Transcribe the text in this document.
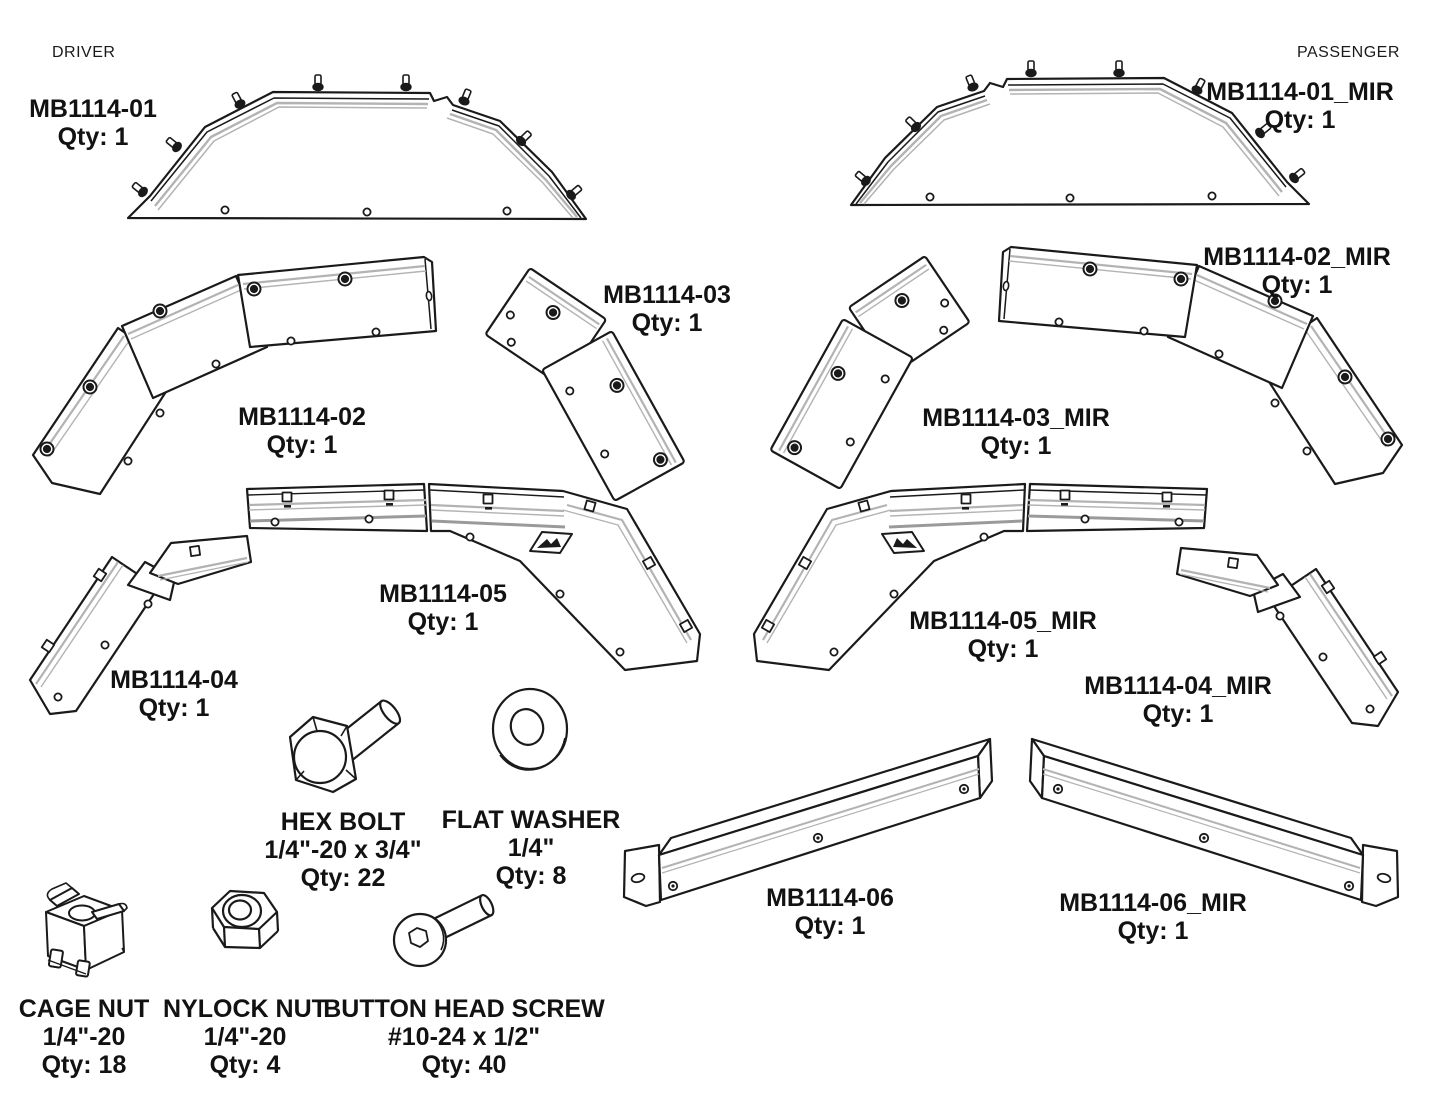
DRIVER	PASSENGER
MB1114-01
Qty: 1
MB1114-01_MIR
Qty: 1
MB1114-02
Qty: 1
MB1114-03
Qty: 1
MB1114-02_MIR
Qty: 1
MB1114-03_MIR
Qty: 1
MB1114-04
Qty: 1
MB1114-05
Qty: 1	MB1114-05_MIR
Qty: 1
MB1114-04_MIR
Qty: 1
MB1114-06
Qty: 1
MB1114-06_MIR
Qty: 1
HEX BOLT
1/4"-20 x 3/4"
Qty: 22
FLAT WASHER
1/4"
Qty: 8
CAGE NUT
1/4"-20
Qty: 18
NYLOCK NUT
1/4"-20
Qty: 4
BUTTON HEAD SCREW
#10-24 x 1/2"
Qty: 40
